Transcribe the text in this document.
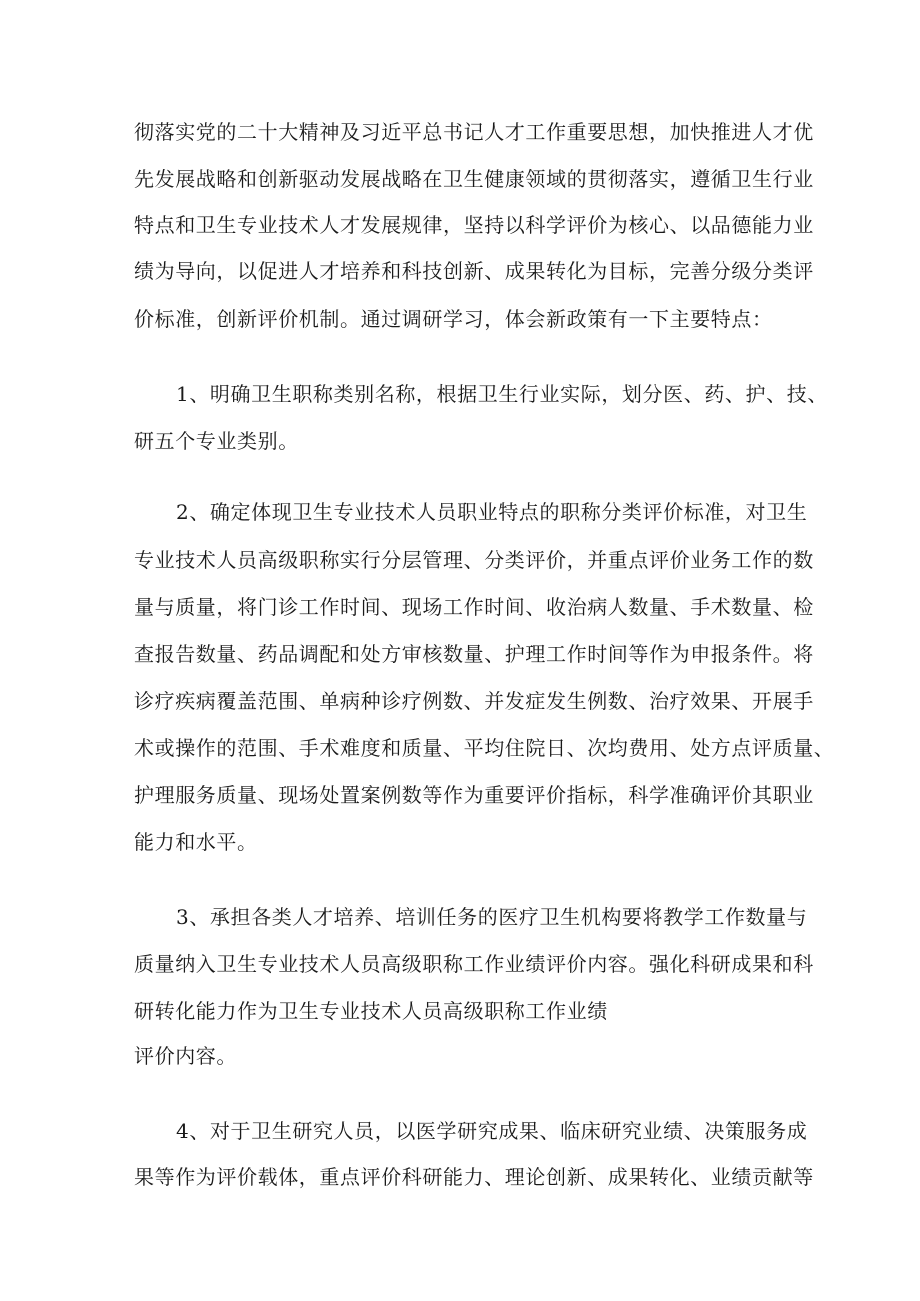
彻落实党的二十大精神及习近平总书记人才工作重要思想，加快推进人才优
先发展战略和创新驱动发展战略在卫生健康领域的贯彻落实，遵循卫生行业
特点和卫生专业技术人才发展规律，坚持以科学评价为核心、以品德能力业
绩为导向，以促进人才培养和科技创新、成果转化为目标，完善分级分类评
价标准，创新评价机制。通过调研学习，体会新政策有一下主要特点：
1、明确卫生职称类别名称，根据卫生行业实际，划分医、药、护、技、
研五个专业类别。
2、确定体现卫生专业技术人员职业特点的职称分类评价标准，对卫生
专业技术人员高级职称实行分层管理、分类评价，并重点评价业务工作的数
量与质量，将门诊工作时间、现场工作时间、收治病人数量、手术数量、检
查报告数量、药品调配和处方审核数量、护理工作时间等作为申报条件。将
诊疗疾病覆盖范围、单病种诊疗例数、并发症发生例数、治疗效果、开展手
术或操作的范围、手术难度和质量、平均住院日、次均费用、处方点评质量、
护理服务质量、现场处置案例数等作为重要评价指标，科学准确评价其职业
能力和水平。
3、承担各类人才培养、培训任务的医疗卫生机构要将教学工作数量与
质量纳入卫生专业技术人员高级职称工作业绩评价内容。强化科研成果和科
研转化能力作为卫生专业技术人员高级职称工作业绩
评价内容。
4、对于卫生研究人员，以医学研究成果、临床研究业绩、决策服务成
果等作为评价载体，重点评价科研能力、理论创新、成果转化、业绩贡献等
